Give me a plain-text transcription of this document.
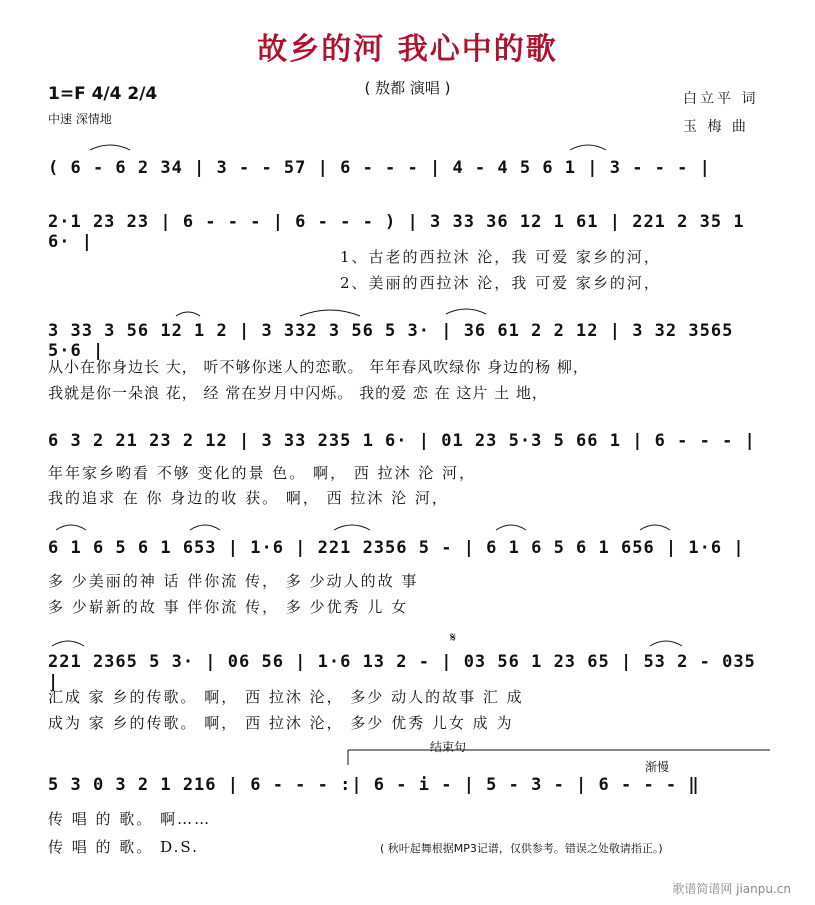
故乡的河 我心中的歌
( 敖都 演唱 )
1=F 4/4 2/4
中速 深情地
白立平 词
玉 梅 曲
( 6 - 6 2 34 | 3 - - 57 | 6 - - - | 4 - 4 5 6 1 | 3 - - - |
2·1 23 23 | 6 - - - | 6 - - - ) | 3 33 36 12 1 61 | 221 2 35 1 6· |
1、古老的西拉沐 沦，我 可爱 家乡的河，
2、美丽的西拉沐 沦，我 可爱 家乡的河，
3 33 3 56 12 1 2 | 3 332 3 56 5 3· | 36 61 2 2 12 | 3 32 3565 5·6 |
从小在你身边长 大， 听不够你迷人的恋歌。 年年春风吹绿你 身边的杨 柳，
我就是你一朵浪 花， 经 常在岁月中闪烁。 我的爱 恋 在 这片 土 地，
6 3 2 21 23 2 12 | 3 33 235 1 6· | 01 23 5·3 5 66 1 | 6 - - - |
年年家乡哟看 不够 变化的景 色。 啊， 西 拉沐 沦 河，
我的追求 在 你 身边的收 获。 啊， 西 拉沐 沦 河，
6 1 6 5 6 1 653 | 1·6 | 221 2356 5 - | 6 1 6 5 6 1 656 | 1·6 |
多 少美丽的神 话 伴你流 传， 多 少动人的故 事
多 少崭新的故 事 伴你流 传， 多 少优秀 儿 女
𝄋
221 2365 5 3· | 06 56 | 1·6 13 2 - | 03 56 1 23 65 | 53 2 - 035 |
汇成 家 乡的传歌。 啊， 西 拉沐 沦， 多少 动人的故事 汇 成
成为 家 乡的传歌。 啊， 西 拉沐 沦， 多少 优秀 儿女 成 为
结束句
渐慢
5 3 0 3 2 1 216 | 6 - - - :| 6 - i - | 5 - 3 - | 6 - - - ‖
传 唱 的 歌。 啊……
传 唱 的 歌。 D.S.	( 秋叶起舞根据MP3记谱，仅供参考。错误之处敬请指正。)
歌谱简谱网 jianpu.cn
